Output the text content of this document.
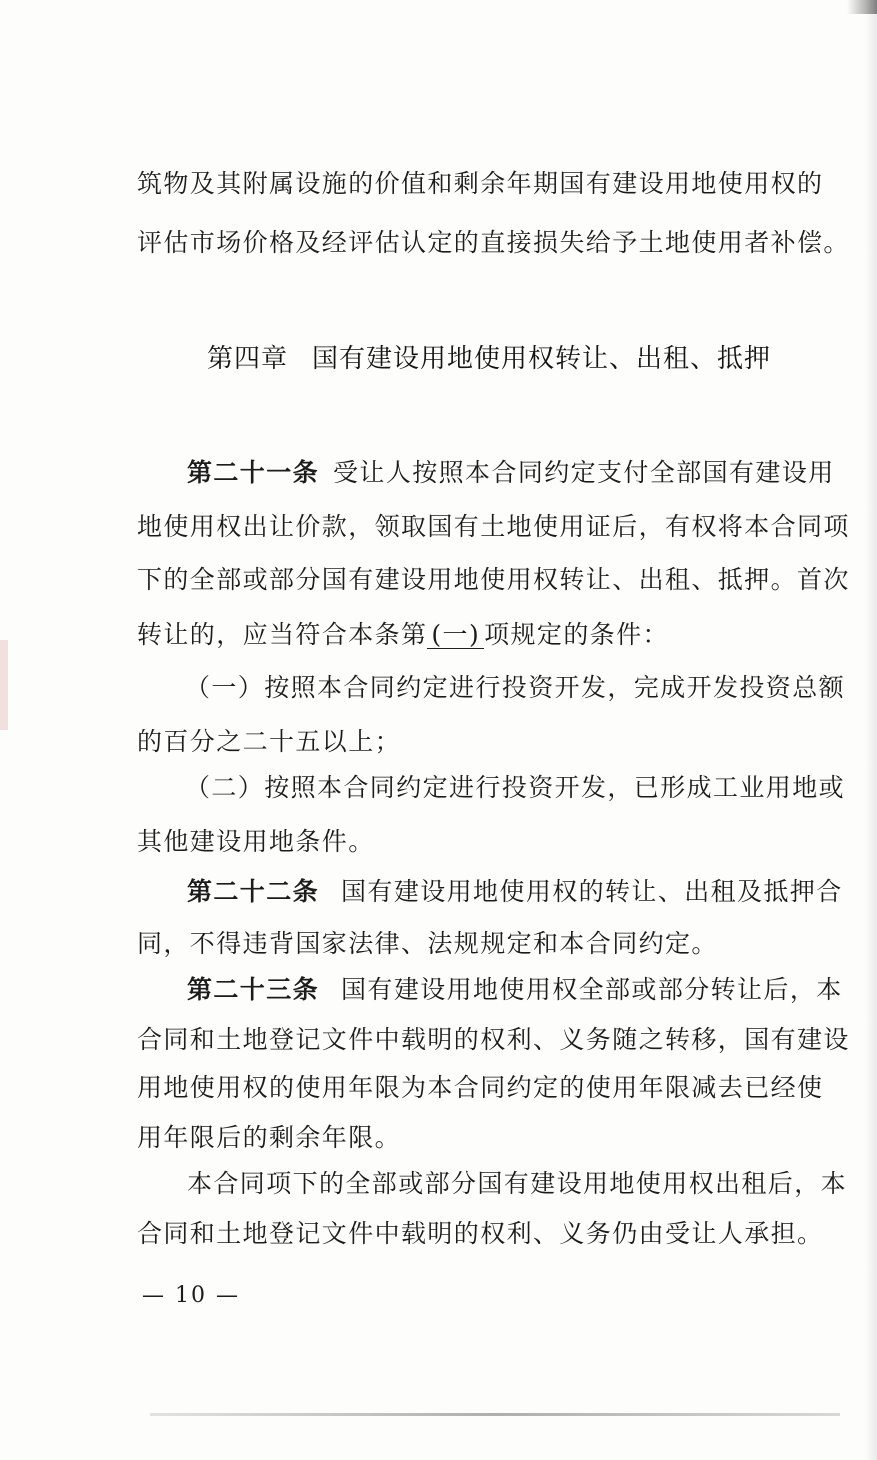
筑物及其附属设施的价值和剩余年期国有建设用地使用权的
评估市场价格及经评估认定的直接损失给予土地使用者补偿。
第四章 国有建设用地使用权转让、出租、抵押
第二十一条 受让人按照本合同约定支付全部国有建设用
地使用权出让价款，领取国有土地使用证后，有权将本合同项
下的全部或部分国有建设用地使用权转让、出租、抵押。首次
转让的，应当符合本条第 (一) 项规定的条件：
（一）按照本合同约定进行投资开发，完成开发投资总额
的百分之二十五以上；
（二）按照本合同约定进行投资开发，已形成工业用地或
其他建设用地条件。
第二十二条 国有建设用地使用权的转让、出租及抵押合
同，不得违背国家法律、法规规定和本合同约定。
第二十三条 国有建设用地使用权全部或部分转让后，本
合同和土地登记文件中载明的权利、义务随之转移，国有建设
用地使用权的使用年限为本合同约定的使用年限减去已经使
用年限后的剩余年限。
本合同项下的全部或部分国有建设用地使用权出租后，本
合同和土地登记文件中载明的权利、义务仍由受让人承担。
— 10 —
